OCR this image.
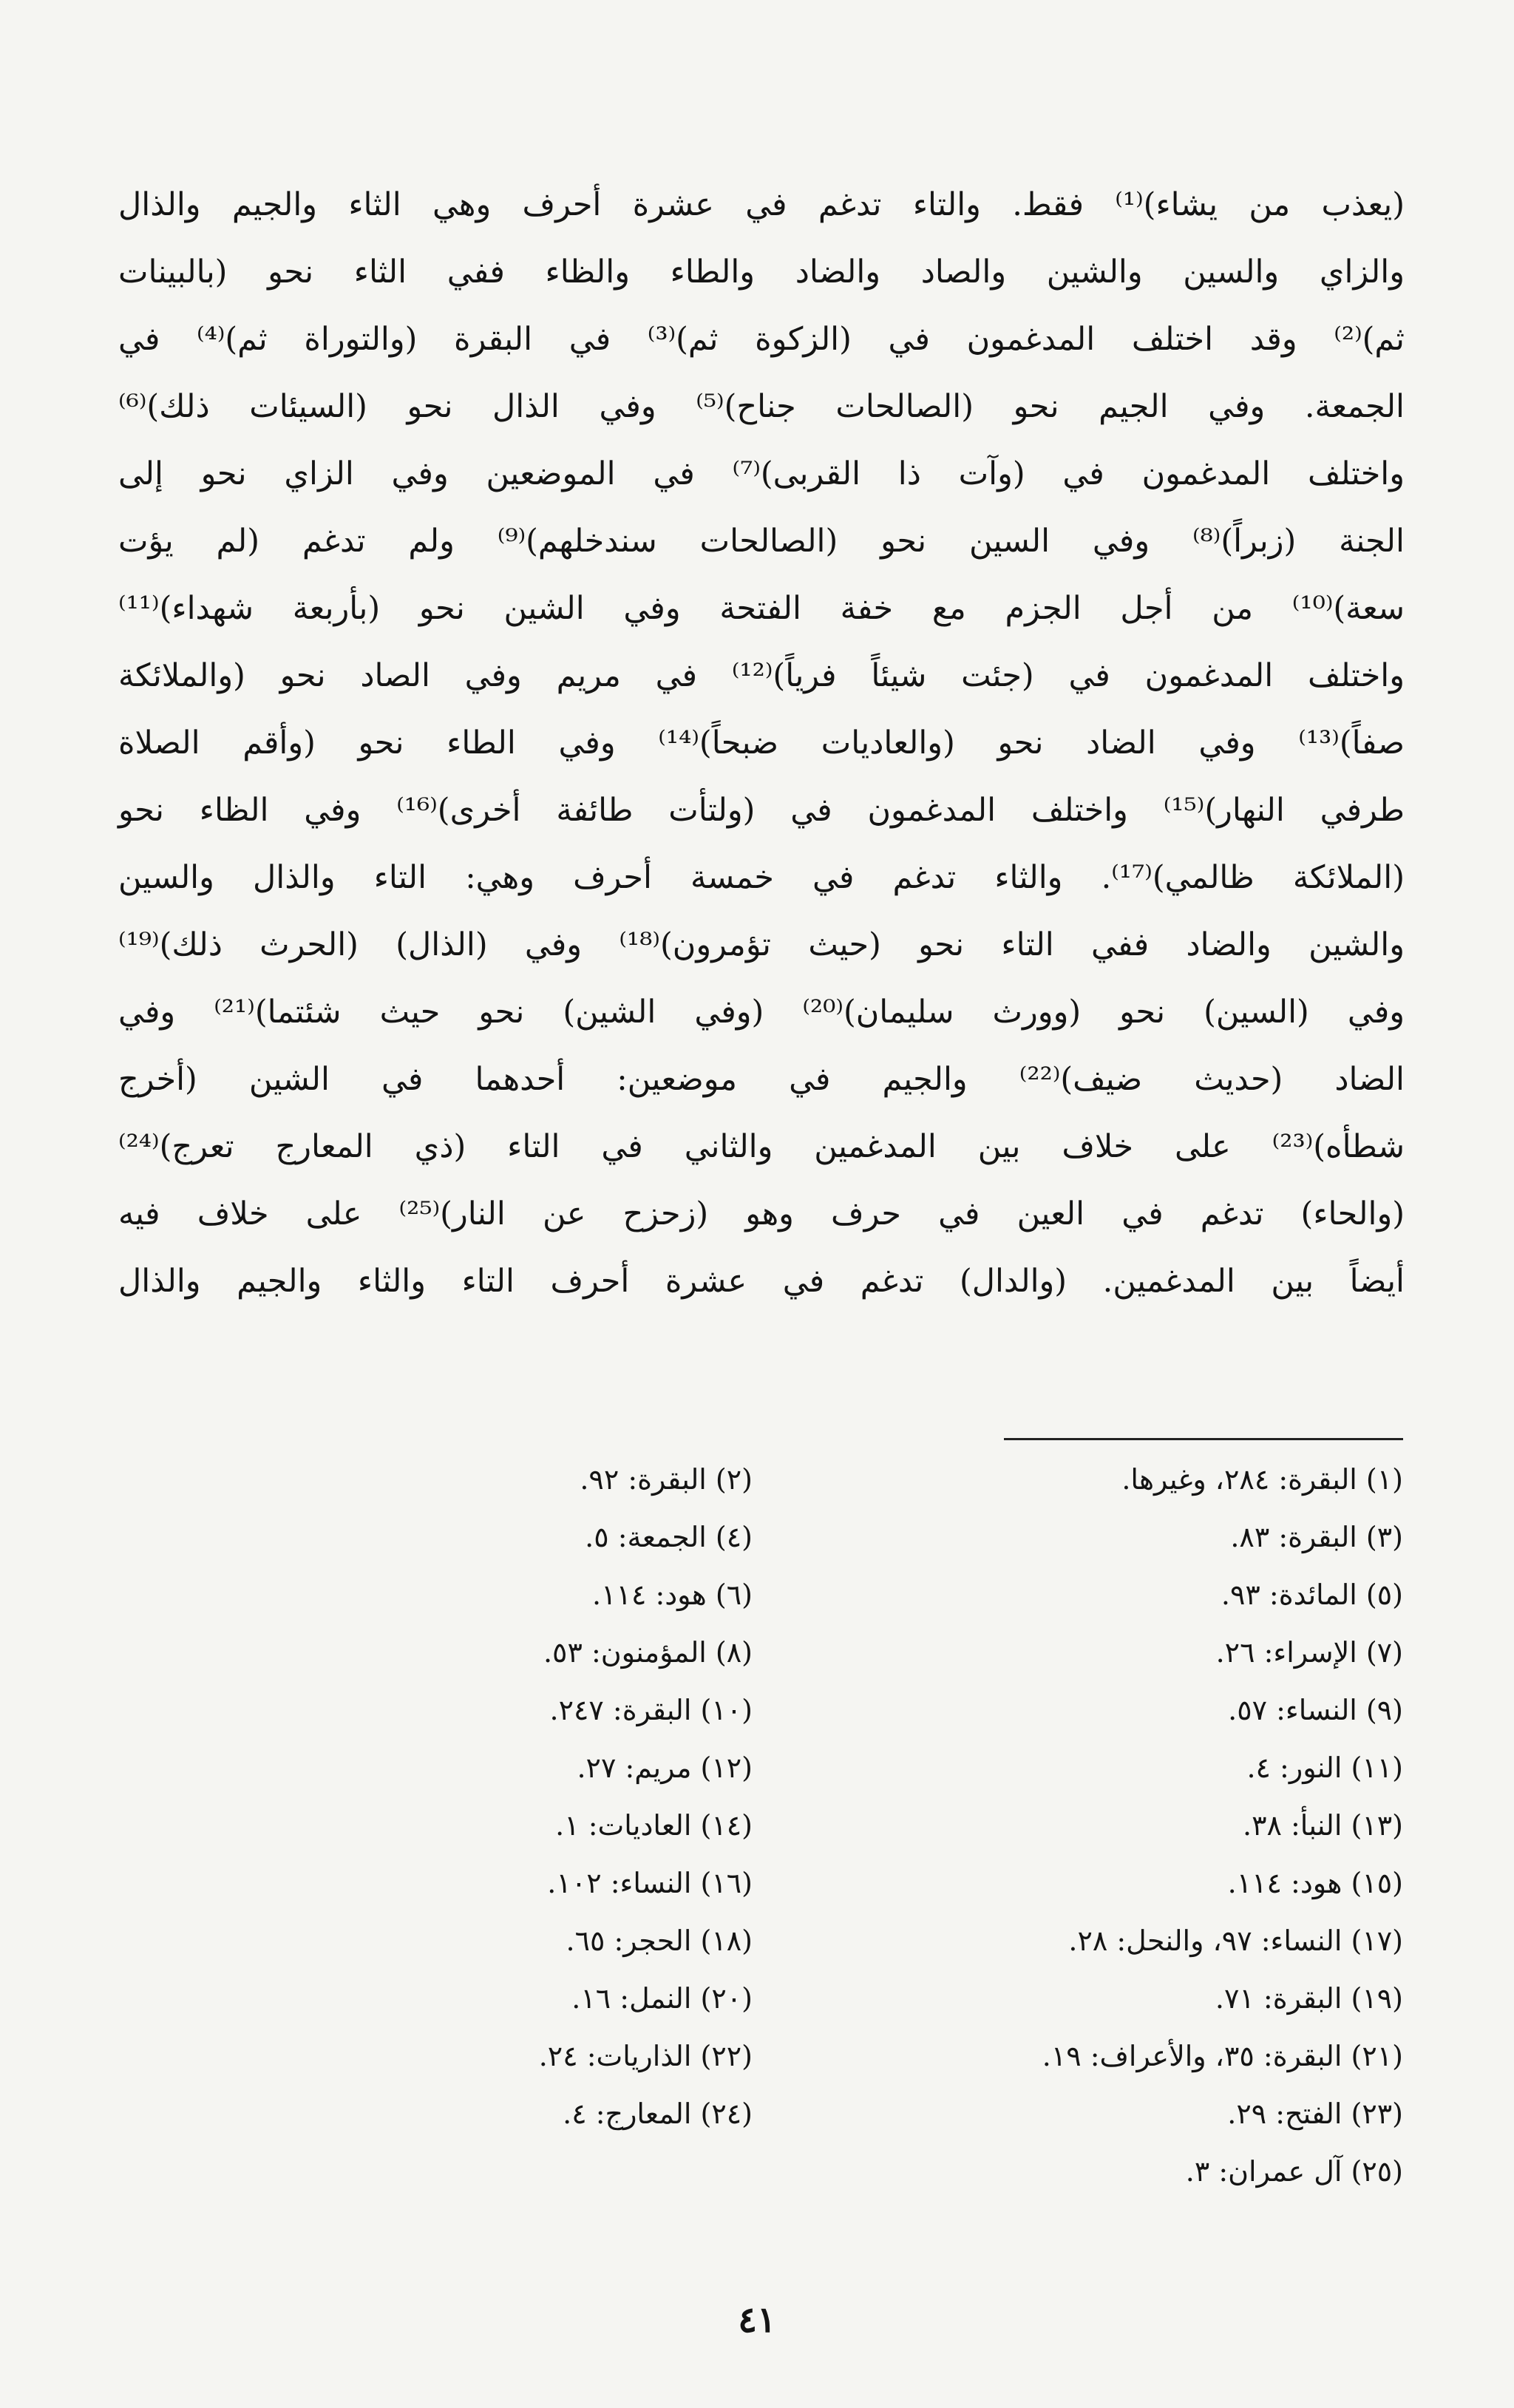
(يعذب من يشاء)⁽¹⁾ فقط. والتاء تدغم في عشرة أحرف وهي الثاء والجيم والذال
والزاي والسين والشين والصاد والضاد والطاء والظاء ففي الثاء نحو (بالبينات
ثم)⁽²⁾ وقد اختلف المدغمون في (الزكوة ثم)⁽³⁾ في البقرة (والتوراة ثم)⁽⁴⁾ في
الجمعة. وفي الجيم نحو (الصالحات جناح)⁽⁵⁾ وفي الذال نحو (السيئات ذلك)⁽⁶⁾
واختلف المدغمون في (وآت ذا القربى)⁽⁷⁾ في الموضعين وفي الزاي نحو إلى
الجنة (زبراً)⁽⁸⁾ وفي السين نحو (الصالحات سندخلهم)⁽⁹⁾ ولم تدغم (لم يؤت
سعة)⁽¹⁰⁾ من أجل الجزم مع خفة الفتحة وفي الشين نحو (بأربعة شهداء)⁽¹¹⁾
واختلف المدغمون في (جئت شيئاً فرياً)⁽¹²⁾ في مريم وفي الصاد نحو (والملائكة
صفاً)⁽¹³⁾ وفي الضاد نحو (والعاديات ضبحاً)⁽¹⁴⁾ وفي الطاء نحو (وأقم الصلاة
طرفي النهار)⁽¹⁵⁾ واختلف المدغمون في (ولتأت طائفة أخرى)⁽¹⁶⁾ وفي الظاء نحو
(الملائكة ظالمي)⁽¹⁷⁾. والثاء تدغم في خمسة أحرف وهي: التاء والذال والسين
والشين والضاد ففي التاء نحو (حيث تؤمرون)⁽¹⁸⁾ وفي (الذال) (الحرث ذلك)⁽¹⁹⁾
وفي (السين) نحو (وورث سليمان)⁽²⁰⁾ (وفي الشين) نحو حيث شئتما)⁽²¹⁾ وفي
الضاد (حديث ضيف)⁽²²⁾ والجيم في موضعين: أحدهما في الشين (أخرج
شطأه)⁽²³⁾ على خلاف بين المدغمين والثاني في التاء (ذي المعارج تعرج)⁽²⁴⁾
(والحاء) تدغم في العين في حرف وهو (زحزح عن النار)⁽²⁵⁾ على خلاف فيه
أيضاً بين المدغمين. (والدال) تدغم في عشرة أحرف التاء والثاء والجيم والذال
(١) البقرة: ٢٨٤، وغيرها.
(٢) البقرة: ٩٢.
(٣) البقرة: ٨٣.
(٤) الجمعة: ٥.
(٥) المائدة: ٩٣.
(٦) هود: ١١٤.
(٧) الإسراء: ٢٦.
(٨) المؤمنون: ٥٣.
(٩) النساء: ٥٧.
(١٠) البقرة: ٢٤٧.
(١١) النور: ٤.
(١٢) مريم: ٢٧.
(١٣) النبأ: ٣٨.
(١٤) العاديات: ١.
(١٥) هود: ١١٤.
(١٦) النساء: ١٠٢.
(١٧) النساء: ٩٧، والنحل: ٢٨.
(١٨) الحجر: ٦٥.
(١٩) البقرة: ٧١.
(٢٠) النمل: ١٦.
(٢١) البقرة: ٣٥، والأعراف: ١٩.
(٢٢) الذاريات: ٢٤.
(٢٣) الفتح: ٢٩.
(٢٤) المعارج: ٤.
(٢٥) آل عمران: ٣.
٤١
